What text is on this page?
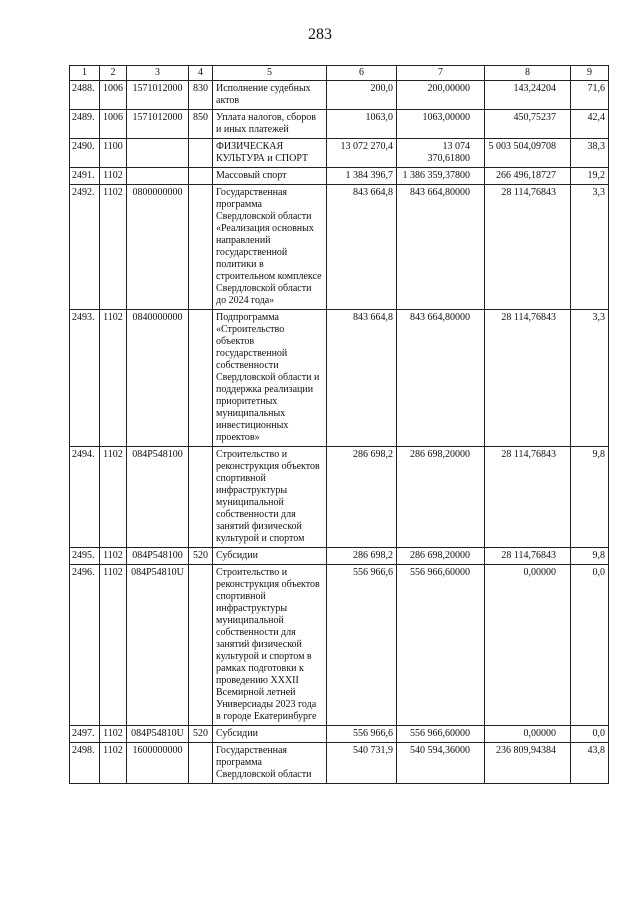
283
1	2	3	4	5	6	7	8	9
2488.	1006	1571012000	830	Исполнение судебных актов	200,0	200,00000	143,24204	71,6
2489.	1006	1571012000	850	Уплата налогов, сборов и иных платежей	1063,0	1063,00000	450,75237	42,4
2490.	1100			ФИЗИЧЕСКАЯ КУЛЬТУРА и СПОРТ	13 072 270,4	13 074 370,61800	5 003 504,09708	38,3
2491.	1102			Массовый спорт	1 384 396,7	1 386 359,37800	266 496,18727	19,2
2492.	1102	0800000000		Государственная программа Свердловской области «Реализация основных направлений государственной политики в строительном комплексе Свердловской области до 2024 года»	843 664,8	843 664,80000	28 114,76843	3,3
2493.	1102	0840000000		Подпрограмма «Строительство объектов государственной собственности Свердловской области и поддержка реализации приоритетных муниципальных инвестиционных проектов»	843 664,8	843 664,80000	28 114,76843	3,3
2494.	1102	084P548100		Строительство и реконструкция объектов спортивной инфраструктуры муниципальной собственности для занятий физической культурой и спортом	286 698,2	286 698,20000	28 114,76843	9,8
2495.	1102	084P548100	520	Субсидии	286 698,2	286 698,20000	28 114,76843	9,8
2496.	1102	084P54810U		Строительство и реконструкция объектов спортивной инфраструктуры муниципальной собственности для занятий физической культурой и спортом в рамках подготовки к проведению XXXII Всемирной летней Универсиады 2023 года в городе Екатеринбурге	556 966,6	556 966,60000	0,00000	0,0
2497.	1102	084P54810U	520	Субсидии	556 966,6	556 966,60000	0,00000	0,0
2498.	1102	1600000000		Государственная программа Свердловской области	540 731,9	540 594,36000	236 809,94384	43,8
